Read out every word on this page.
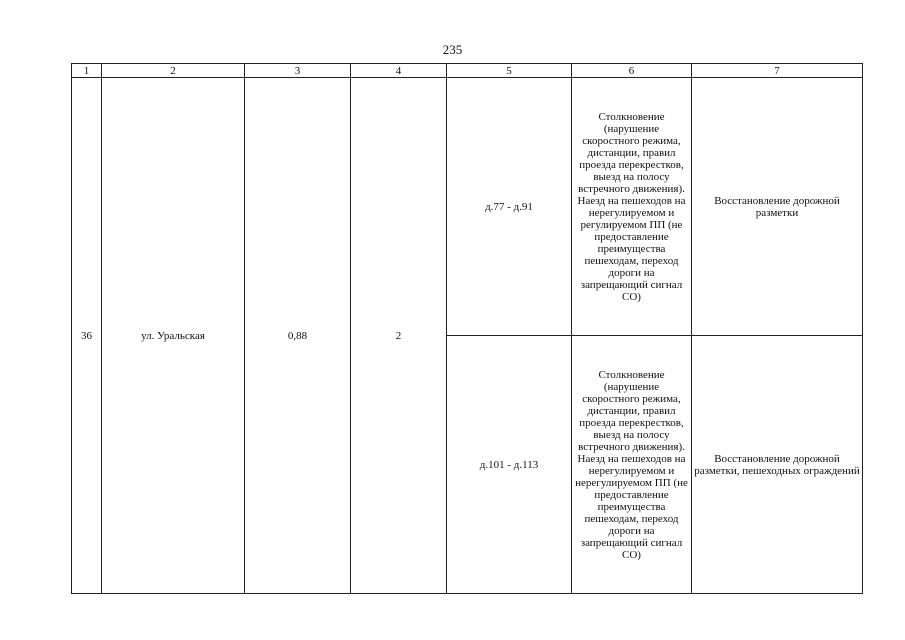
235
1	2	3	4	5	6	7
36	ул. Уральская	0,88	2	д.77 - д.91	Столкновение (нарушение скоростного режима, дистанции, правил проезда перекрестков, выезд на полосу встречного движения). Наезд на пешеходов на нерегулируемом и регулируемом ПП (не предоставление преимущества пешеходам, переход дороги на запрещающий сигнал СО)	Восстановление дорожной разметки
				д.101 - д.113	Столкновение (нарушение скоростного режима, дистанции, правил проезда перекрестков, выезд на полосу встречного движения). Наезд на пешеходов на нерегулируемом и нерегулируемом ПП (не предоставление преимущества пешеходам, переход дороги на запрещающий сигнал СО)	Восстановление дорожной разметки, пешеходных ограждений
